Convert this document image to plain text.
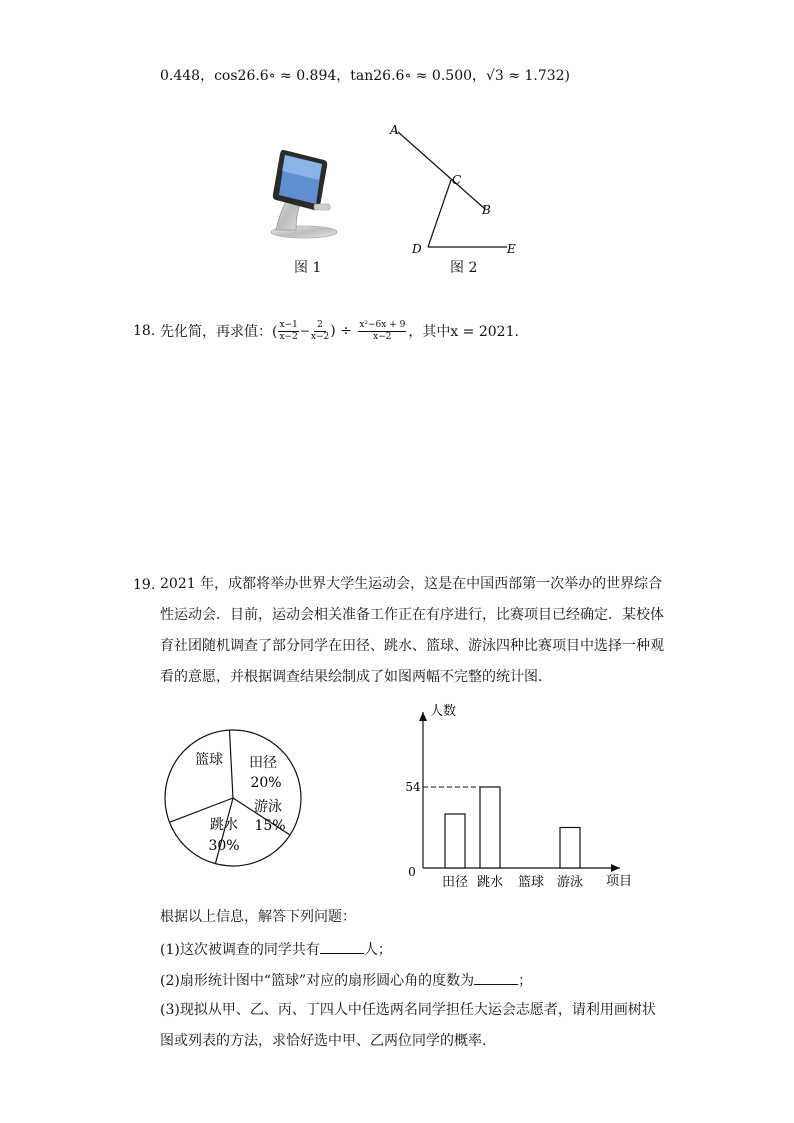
0.448，cos26.6∘ ≈ 0.894，tan26.6∘ ≈ 0.500，√3 ≈ 1.732)
图 1
A
C
B
D	E
图 2
18. 先化简，再求值：( $\frac{x-1}{x-2} - \frac{2}{x-2}$ ) ÷ $\frac{\text{x²−6x + 9}}{x-2}$ ，其中x = 2021.
19. 2021 年，成都将举办世界大学生运动会，这是在中国西部第一次举办的世界综合性运动会．目前，运动会相关准备工作正在有序进行，比赛项目已经确定．某校体育社团随机调查了部分同学在田径、跳水、篮球、游泳四种比赛项目中选择一种观看的意愿，并根据调查结果绘制成了如图两幅不完整的统计图．
篮球 田径
20%
游泳
15%
跳水
30%
人数
项目
0
54
田径 跳水 篮球 游泳
根据以上信息，解答下列问题：
(1)这次被调查的同学共有	人；
(2)扇形统计图中“篮球”对应的扇形圆心角的度数为	；
(3)现拟从甲、乙、丙、丁四人中任选两名同学担任大运会志愿者，请利用画树状图或列表的方法，求恰好选中甲、乙两位同学的概率．
